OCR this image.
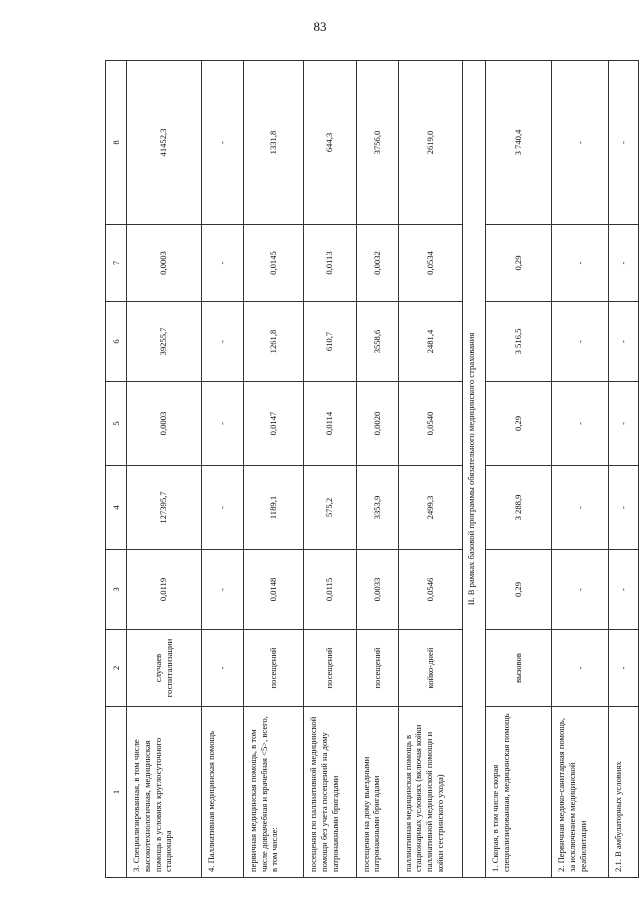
83
1	2	3	4	5	6	7	8
3. Специализированная, в том числе высокотехнологичная, медицинская помощь в условиях круглосуточного стационара	случаев госпитализации	0,0119	127395,7	0,0003	39255,7	0,0003	41452,3
4. Паллиативная медицинская помощь	-	-	-	-	-	-	-
первичная медицинская помощь, в том числе доврачебная и врачебная <5>, всего, в том числе:	посещений	0,0148	1189,1	0,0147	1261,8	0,0145	1331,8
посещения по паллиативной медицинской помощи без учета посещений на дому патронажными бригадами	посещений	0,0115	575,2	0,0114	610,7	0,0113	644,3
посещения на дому выездными патронажными бригадами	посещений	0,0033	3353,9	0,0020	3558,6	0,0032	3756,0
паллиативная медицинская помощь в стационарных условиях (включая койки паллиативной медицинской помощи и койки сестринского ухода)	койко-дней	0,0546	2499,3	0,0540	2481,4	0,0534	2619,0
II. В рамках базовой программы обязательного медицинского страхования							
1. Скорая, в том числе скорая специализированная, медицинская помощь	вызовов	0,29	3 288,9	0,29	3 516,5	0,29	3 740,4
2. Первичная медико-санитарная помощь, за исключением медицинской реабилитации	-	-	-	-	-	-	-
2.1. В амбулаторных условиях	-	-	-	-	-	-	-
